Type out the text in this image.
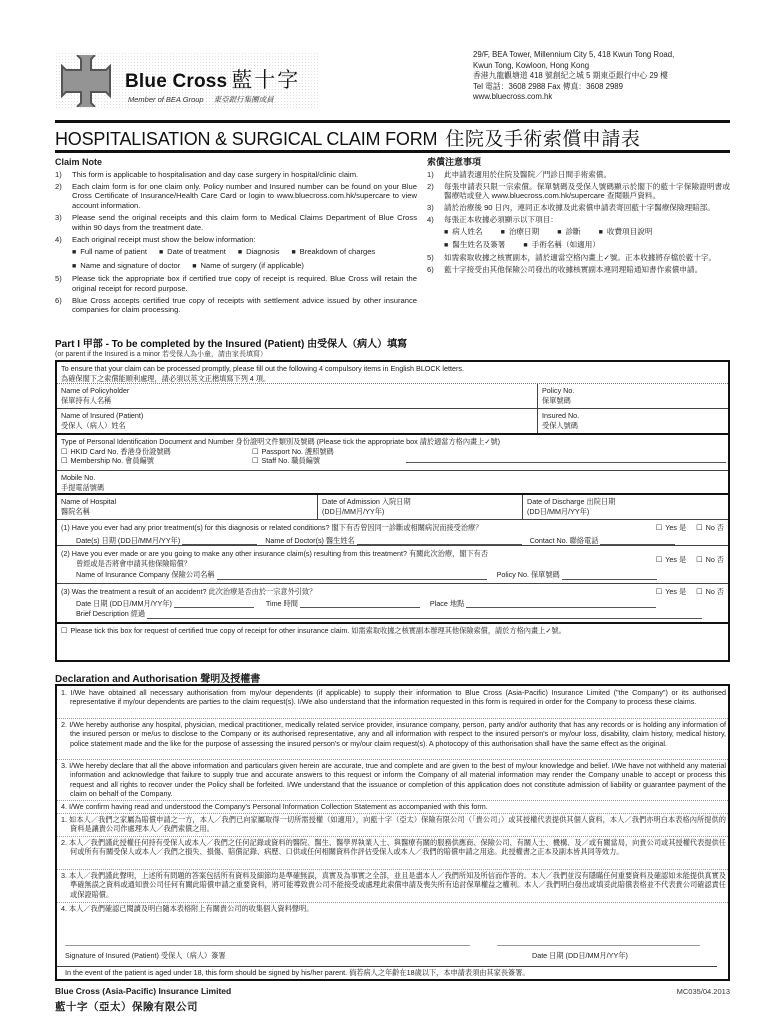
Blue Cross 藍十字
Member of BEA Group 東亞銀行集團成員
29/F, BEA Tower, Millennium City 5, 418 Kwun Tong Road,
Kwun Tong, Kowloon, Hong Kong
香港九龍觀塘道 418 號創紀之城 5 期東亞銀行中心 29 樓
Tel 電話：3608 2988 Fax 傳真：3608 2989
www.bluecross.com.hk
HOSPITALISATION & SURGICAL CLAIM FORM 住院及手術索償申請表
Claim Note
1)	This form is applicable to hospitalisation and day case surgery in hospital/clinic claim.
2)	Each claim form is for one claim only. Policy number and Insured number can be found on your Blue Cross Certificate of Insurance/Health Care Card or login to www.bluecross.com.hk/supercare to view account information.
3)	Please send the original receipts and this claim form to Medical Claims Department of Blue Cross within 90 days from the treatment date.
4)	Each original receipt must show the below information:
■ Full name of patient	■ Date of treatment	■ Diagnosis	■ Breakdown of charges
■ Name and signature of doctor	■ Name of surgery (if applicable)
5)	Please tick the appropriate box if certified true copy of receipt is required. Blue Cross will retain the original receipt for record purpose.
6)	Blue Cross accepts certified true copy of receipts with settlement advice issued by other insurance companies for claim processing.
索償注意事項
1)	此申請表適用於住院及醫院／門診日間手術索償。
2)	每張申請表只限一宗索償。保單號碼及受保人號碼顯示於閣下的藍十字保險證明書或醫療咭或登入 www.bluecross.com.hk/supercare 查閱賬戶資料。
3)	請於治療後 90 日內，連同正本收據及此索償申請表寄回藍十字醫療保險理賠部。
4)	每張正本收據必須顯示以下項目：
■ 病人姓名	■ 治療日期	■ 診斷	■ 收費項目說明
■ 醫生姓名及簽署	■ 手術名稱（如適用）
5)	如需索取收據之核實副本，請於適當空格內畫上✓號。正本收據將存檔於藍十字。
6)	藍十字接受由其他保險公司發出的收據核實副本連同理賠通知書作索償申請。
Part I 甲部 - To be completed by the Insured (Patient) 由受保人（病人）填寫
(or parent if the Insured is a minor 若受保人為小童，請由家長填寫）
To ensure that your claim can be processed promptly, please fill out the following 4 compulsory items in English BLOCK letters.
為確保閣下之索償能順利處理，請必須以英文正楷填寫下列 4 項。
Name of Policyholder
保單持有人名稱
Policy No.
保單號碼
Name of Insured (Patient)
受保人（病人）姓名
Insured No.
受保人號碼
Type of Personal Identification Document and Number 身份證明文件類別及號碼 (Please tick the appropriate box 請於適當方格內畫上✓號)
☐ HKID Card No. 香港身份證號碼	☐ Passport No. 護照號碼
☐ Membership No. 會員編號	☐ Staff No. 職員編號
Mobile No.
手提電話號碼
Name of Hospital
醫院名稱
Date of Admission 入院日期
(DD日/MM月/YY年)
Date of Discharge 出院日期
(DD日/MM月/YY年)
(1) Have you ever had any prior treatment(s) for this diagnosis or related conditions? 閣下有否曾因同一診斷或相關病況而接受治療？	☐ Yes 是	☐ No 否
Date(s) 日期 (DD日/MM月/YY年)	Name of Doctor(s) 醫生姓名	Contact No. 聯絡電話
(2) Have you ever made or are you going to make any other insurance claim(s) resulting from this treatment? 有關此次治療，閣下有否
曾經或是否將會申請其他保險賠償？	☐ Yes 是	☐ No 否
Name of Insurance Company 保險公司名稱	Policy No. 保單號碼
(3) Was the treatment a result of an accident? 此次治療是否由於一宗意外引致？	☐ Yes 是	☐ No 否
Date 日期 (DD日/MM月/YY年)	Time 時間	Place 地點
Brief Description 經過
☐ Please tick this box for request of certified true copy of receipt for other insurance claim. 如需索取收據之核實副本辦理其他保險索償，請於方格內畫上✓號。
Declaration and Authorisation 聲明及授權書
1. I/We have obtained all necessary authorisation from my/our dependents (if applicable) to supply their information to Blue Cross (Asia-Pacific) Insurance Limited ("the Company") or its authorised representative if my/our dependents are parties to the claim request(s). I/We also understand that the information requested in this form is required in order for the Company to process these claims.
2. I/We hereby authorise any hospital, physician, medical practitioner, medically related service provider, insurance company, person, party and/or authority that has any records or is holding any information of the insured person or me/us to disclose to the Company or its authorised representative, any and all information with respect to the insured person's or my/our loss, disability, claim history, medical history, police statement made and the like for the purpose of assessing the insured person's or my/our claim request(s). A photocopy of this authorisation shall have the same effect as the original.
3. I/We hereby declare that all the above information and particulars given herein are accurate, true and complete and are given to the best of my/our knowledge and belief. I/We have not withheld any material information and acknowledge that failure to supply true and accurate answers to this request or inform the Company of all material information may render the Company unable to accept or process this request and all rights to recover under the Policy shall be forfeited. I/We understand that the issuance or completion of this application does not constitute admission of liability or guarantee payment of the claim on behalf of the Company.
4. I/We confirm having read and understood the Company's Personal Information Collection Statement as accompanied with this form.
1. 如本人／我們之家屬為賠償申請之一方，本人／我們已向家屬取得一切所需授權（如適用），向藍十字（亞太）保險有限公司（「貴公司」）或其授權代表提供其個人資料，本人／我們亦明白本表格內所提供的資料是讓貴公司作處理本人／我們索償之用。
2. 本人／我們謹此授權任何持有受保人或本人／我們之任何記錄或資料的醫院、醫生、醫學界執業人士、與醫療有關的服務供應商、保險公司、有關人士、機構、及／或有關當局，向貴公司或其授權代表提供任何或所有有關受保人或本人／我們之損失、損傷、賠償記錄、病歷、口供或任何相關資料作評估受保人或本人／我們的賠償申請之用途。此授權書之正本及副本皆具同等效力。
3. 本人／我們謹此聲明，上述所有問題的答案包括所有資料及細節均是準確無誤，真實及為事實之全部，並且是盡本人／我們所知及所信而作答的。本人／我們並沒有隱瞞任何重要資料及確認如未能提供真實及準確無誤之資料或通知貴公司任何有關此賠償申請之重要資料，將可能導致貴公司不能接受或處理此索償申請及喪失所有追討保單權益之權利。本人／我們明白發出或填妥此賠償表格並不代表貴公司確認責任或保證賠償。
4. 本人／我們確認已閱讀及明白隨本表格附上有關貴公司的收集個人資料聲明。
Signature of Insured (Patient) 受保人（病人）簽署	Date 日期 (DD日/MM月/YY年)
In the event of the patient is aged under 18, this form should be signed by his/her parent. 倘若病人之年齡在18歲以下，本申請表須由其家長簽署。
Blue Cross (Asia-Pacific) Insurance Limited
藍十字（亞太）保險有限公司
MC035/04.2013
